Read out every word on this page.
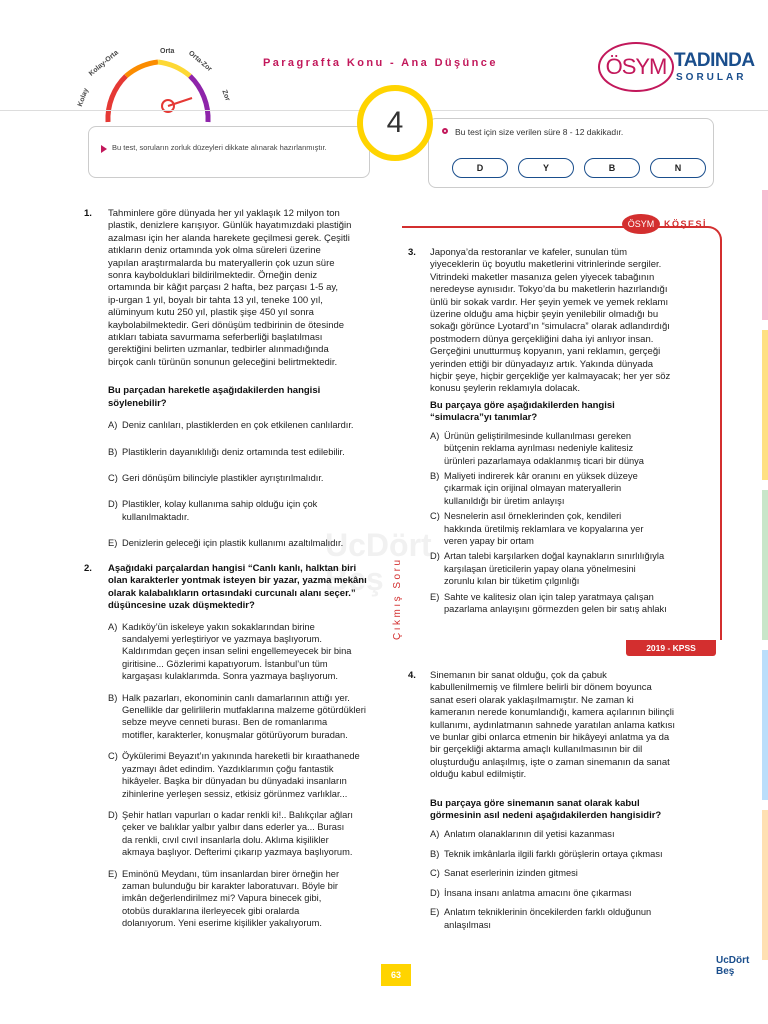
Kolay
Kolay-Orta	Orta Orta-Zor
Zor
Paragrafta Konu - Ana Düşünce	ÖSYM TADINDA
SORULAR
Bu test, soruların zorluk düzeyleri dikkate alınarak hazırlanmıştır.
Bu test için size verilen süre 8 - 12 dakikadır.
D	Y	B	N
4
UcDört
Beş
1. Tahminlere göre dünyada her yıl yaklaşık 12 milyon ton
plastik, denizlere karışıyor. Günlük hayatımızdaki plastiğin
azalması için her alanda harekete geçilmesi gerek. Çeşitli
atıkların deniz ortamında yok olma süreleri üzerine
yapılan araştırmalarda bu materyallerin çok uzun süre
sonra kaybolduklari bildirilmektedir. Örneğin deniz
ortamında bir kâğıt parçası 2 hafta, bez parçası 1-5 ay,
ip-urgan 1 yıl, boyalı bir tahta 13 yıl, teneke 100 yıl,
alüminyum kutu 250 yıl, plastik şişe 450 yıl sonra
kaybolabilmektedir. Geri dönüşüm tedbirinin de ötesinde
atıkları tabiata savurmama seferberliği başlatılması
gerektiğini belirten uzmanlar, tedbirler alınmadığında
birçok canlı türünün sonunun geleceğini belirtmektedir.
Bu parçadan hareketle aşağıdakilerden hangisi
söylenebilir?
A) Deniz canlıları, plastiklerden en çok etkilenen canlılardır.
B) Plastiklerin dayanıklılığı deniz ortamında test edilebilir.
C) Geri dönüşüm bilinciyle plastikler ayrıştırılmalıdır.
D) Plastikler, kolay kullanıma sahip olduğu için çok
kullanılmaktadır.
E) Denizlerin geleceği için plastik kullanımı azaltılmalıdır.
2. Aşağıdaki parçalardan hangisi “Canlı kanlı, halktan biri
olan karakterler yontmak isteyen bir yazar, yazma mekânı
olarak kalabalıkların ortasındaki curcunalı alanı seçer.”
düşüncesine uzak düşmektedir?
A) Kadıköy’ün iskeleye yakın sokaklarından birine
sandalyemi yerleştiriyor ve yazmaya başlıyorum.
Kaldırımdan geçen insan selini engellemeyecek bir bina
giritisine... Gözlerimi kapatıyorum. İstanbul’un tüm
kargaşası kulaklarımda. Sonra yazmaya başlıyorum.
B) Halk pazarları, ekonominin canlı damarlarının attığı yer.
Genellikle dar gelirlilerin mutfaklarına malzeme götürdükleri
sebze meyve cenneti burası. Ben de romanlarıma
motifler, karakterler, konuşmalar götürüyorum buradan.
C) Öykülerimi Beyazıt’ın yakınında hareketli bir kıraathanede
yazmayı âdet edindim. Yazdıklarımın çoğu fantastik
hikâyeler. Başka bir dünyadan bu dünyadaki insanların
zihinlerine yerleşen sessiz, etkisiz görünmez varlıklar...
D) Şehir hatları vapurları o kadar renkli ki!.. Balıkçılar ağları
çeker ve balıklar yalbır yalbır dans ederler ya... Burası
da renkli, cıvıl cıvıl insanlarla dolu. Aklıma kişilikler
akmaya başlıyor. Defterimi çıkarıp yazmaya başlıyorum.
E) Eminönü Meydanı, tüm insanlardan birer örneğin her
zaman bulunduğu bir karakter laboratuvarı. Böyle bir
imkân değerlendirilmez mi? Vapura binecek gibi,
otobüs duraklarına ilerleyecek gibi oralarda
dolanıyorum. Yeni eserime kişilikler yakalıyorum.
ÖSYM	KÖŞESİ
Çıkmış Soru
2019 - KPSS
3. Japonya’da restoranlar ve kafeler, sunulan tüm
yiyeceklerin üç boyutlu maketlerini vitrinlerinde sergiler.
Vitrindeki maketler masanıza gelen yiyecek tabağının
neredeyse aynısıdır. Tokyo’da bu maketlerin hazırlandığı
ünlü bir sokak vardır. Her şeyin yemek ve yemek reklamı
üzerine olduğu ama hiçbir şeyin yenilebilir olmadığı bu
sokağı görünce Lyotard’ın “simulacra” olarak adlandırdığı
postmodern dünya gerçekliğini daha iyi anlıyor insan.
Gerçeğini unutturmuş kopyanın, yani reklamın, gerçeği
yerinden ettiği bir dünyadayız artık. Yakında dünyada
hiçbir şeye, hiçbir gerçekliğe yer kalmayacak; her yer söz
konusu şeylerin reklamıyla dolacak.
Bu parçaya göre aşağıdakilerden hangisi
“simulacra”yı tanımlar?
A) Ürünün geliştirilmesinde kullanılması gereken
bütçenin reklama ayrılması nedeniyle kalitesiz
ürünleri pazarlamaya odaklanmış ticari bir dünya
B) Maliyeti indirerek kâr oranını en yüksek düzeye
çıkarmak için orijinal olmayan materyallerin
kullanıldığı bir üretim anlayışı
C) Nesnelerin asıl örneklerinden çok, kendileri
hakkında üretilmiş reklamlara ve kopyalarına yer
veren yapay bir ortam
D) Artan talebi karşılarken doğal kaynakların sınırlılığıyla
karşılaşan üreticilerin yapay olana yönelmesini
zorunlu kılan bir tüketim çılgınlığı
E) Sahte ve kalitesiz olan için talep yaratmaya çalışan
pazarlama anlayışını görmezden gelen bir satış ahlakı
4. Sinemanın bir sanat olduğu, çok da çabuk
kabullenilmemiş ve filmlere belirli bir dönem boyunca
sanat eseri olarak yaklaşılmamıştır. Ne zaman ki
kameranın nerede konumlandığı, kamera açılarının bilinçli
kullanımı, aydınlatmanın sahnede yaratılan anlama katkısı
ve bunlar gibi onlarca etmenin bir hikâyeyi anlatma ya da
bir gerçekliği aktarma amaçlı kullanılmasının bir dil
oluşturduğu anlaşılmış, işte o zaman sinemanın da sanat
olduğu kabul edilmiştir.
Bu parçaya göre sinemanın sanat olarak kabul
görmesinin asıl nedeni aşağıdakilerden hangisidir?
A) Anlatım olanaklarının dil yetisi kazanması
B) Teknik imkânlarla ilgili farklı görüşlerin ortaya çıkması
C) Sanat eserlerinin izinden gitmesi
D) İnsana insanı anlatma amacını öne çıkarması
E) Anlatım tekniklerinin öncekilerden farklı olduğunun
anlaşılması
63
UcDört
Beş
